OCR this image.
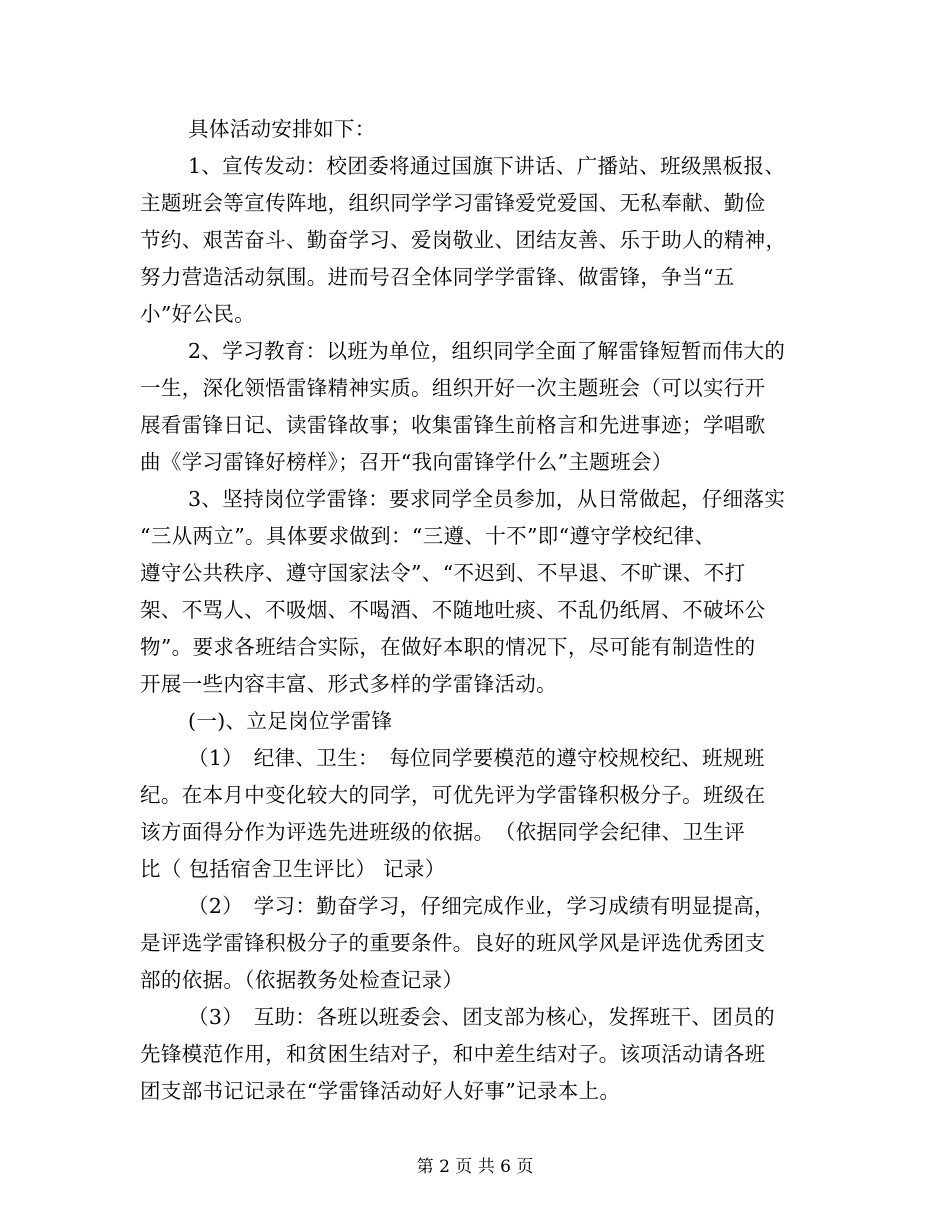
具体活动安排如下：
1、宣传发动：校团委将通过国旗下讲话、广播站、班级黑板报、
主题班会等宣传阵地，组织同学学习雷锋爱党爱国、无私奉献、勤俭
节约、艰苦奋斗、勤奋学习、爱岗敬业、团结友善、乐于助人的精神，
努力营造活动氛围。进而号召全体同学学雷锋、做雷锋，争当“五
小”好公民。
2、学习教育：以班为单位，组织同学全面了解雷锋短暂而伟大的
一生，深化领悟雷锋精神实质。组织开好一次主题班会（可以实行开
展看雷锋日记、读雷锋故事；收集雷锋生前格言和先进事迹；学唱歌
曲《学习雷锋好榜样》；召开“我向雷锋学什么”主题班会）
3、坚持岗位学雷锋：要求同学全员参加，从日常做起，仔细落实
“三从两立”。具体要求做到：“三遵、十不”即“遵守学校纪律、
遵守公共秩序、遵守国家法令”、“不迟到、不早退、不旷课、不打
架、不骂人、不吸烟、不喝酒、不随地吐痰、不乱仍纸屑、不破坏公
物”。要求各班结合实际，在做好本职的情况下，尽可能有制造性的
开展一些内容丰富、形式多样的学雷锋活动。
(一)、立足岗位学雷锋
（1）　纪律、卫生：　每位同学要模范的遵守校规校纪、班规班
纪。在本月中变化较大的同学，可优先评为学雷锋积极分子。班级在
该方面得分作为评选先进班级的依据。　（依据同学会纪律、卫生评
比（ 包括宿舍卫生评比） 记录）
（2）　学习：勤奋学习，仔细完成作业，学习成绩有明显提高，
是评选学雷锋积极分子的重要条件。良好的班风学风是评选优秀团支
部的依据。（依据教务处检查记录）
（3）　互助：各班以班委会、团支部为核心，发挥班干、团员的
先锋模范作用，和贫困生结对子，和中差生结对子。该项活动请各班
团支部书记记录在“学雷锋活动好人好事”记录本上。
第 2 页 共 6 页
